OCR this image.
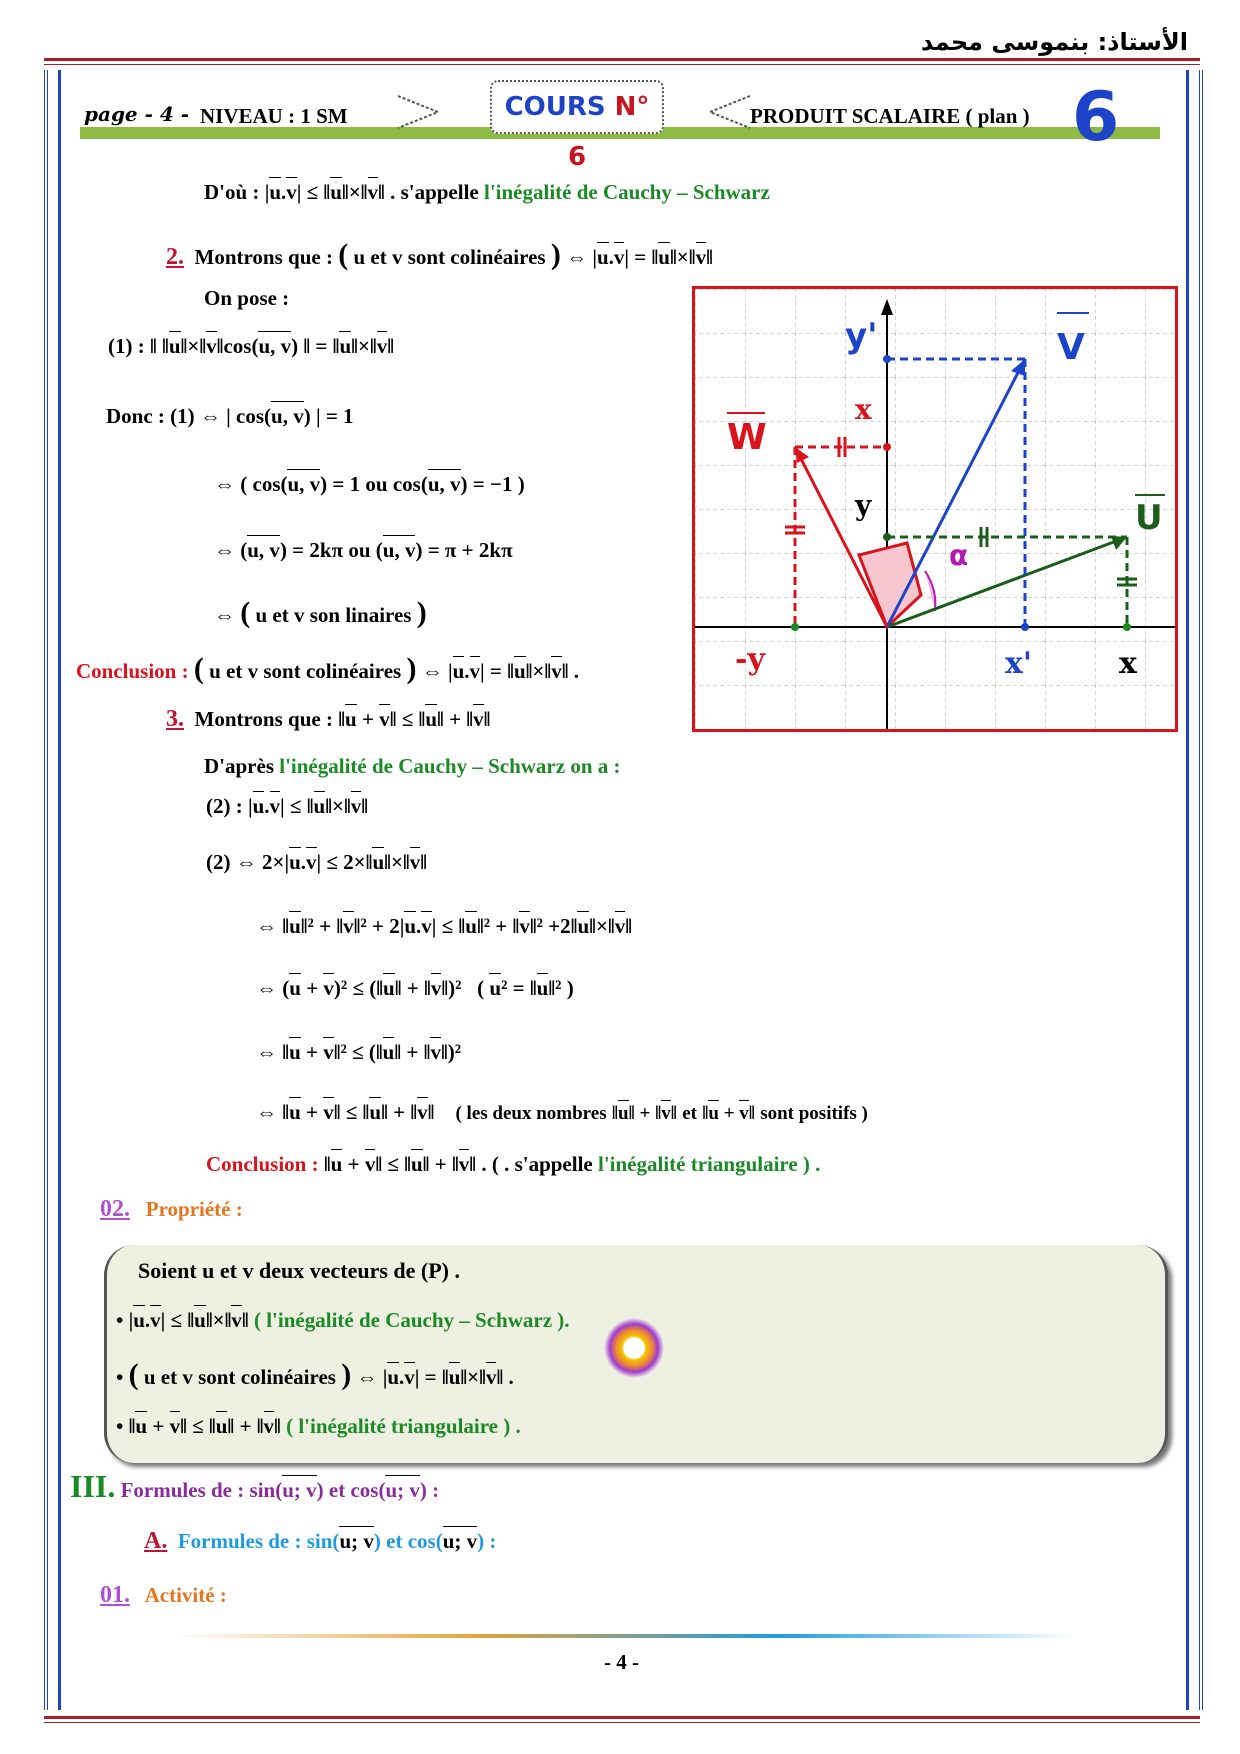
الأستاذ: بنموسى محمد
page - 4 - NIVEAU : 1 SM	COURS N° 6
PRODUIT SCALAIRE ( plan ) 6
D'où : |u.v| ≤ ‖u‖×‖v‖ . s'appelle l'inégalité de Cauchy – Schwarz
2. Montrons que : ( u et v sont colinéaires ) ⇔ |u.v| = ‖u‖×‖v‖
On pose :
(1) : ‖ ‖u‖×‖v‖cos(u, v) ‖ = ‖u‖×‖v‖
Donc : (1) ⇔ | cos(u, v) | = 1
⇔ ( cos(u, v) = 1 ou cos(u, v) = −1 )
⇔ (u, v) = 2kπ ou (u, v) = π + 2kπ
⇔ ( u et v son linaires )
Conclusion : ( u et v sont colinéaires ) ⇔ |u.v| = ‖u‖×‖v‖ .
3. Montrons que : ‖u + v‖ ≤ ‖u‖ + ‖v‖
D'après l'inégalité de Cauchy – Schwarz on a :
(2) : |u.v| ≤ ‖u‖×‖v‖
(2) ⇔ 2×|u.v| ≤ 2×‖u‖×‖v‖
⇔ ‖u‖² + ‖v‖² + 2|u.v| ≤ ‖u‖² + ‖v‖² +2‖u‖×‖v‖
⇔ (u + v)² ≤ (‖u‖ + ‖v‖)²   ( u² = ‖u‖² )
⇔ ‖u + v‖² ≤ (‖u‖ + ‖v‖)²
⇔ ‖u + v‖ ≤ ‖u‖ + ‖v‖    ( les deux nombres ‖u‖ + ‖v‖ et ‖u + v‖ sont positifs )
Conclusion : ‖u + v‖ ≤ ‖u‖ + ‖v‖ . ( . s'appelle l'inégalité triangulaire ) .
02. Propriété :
Soient u et v deux vecteurs de (P) .
• |u.v| ≤ ‖u‖×‖v‖ ( l'inégalité de Cauchy – Schwarz ).
• ( u et v sont colinéaires ) ⇔ |u.v| = ‖u‖×‖v‖ .
• ‖u + v‖ ≤ ‖u‖ + ‖v‖ ( l'inégalité triangulaire ) .
III. Formules de : sin(u; v) et cos(u; v) :
A. Formules de : sin(u; v) et cos(u; v) :
01. Activité :
y'	V
x
W
y
α
U
-y	x'	x
- 4 -
